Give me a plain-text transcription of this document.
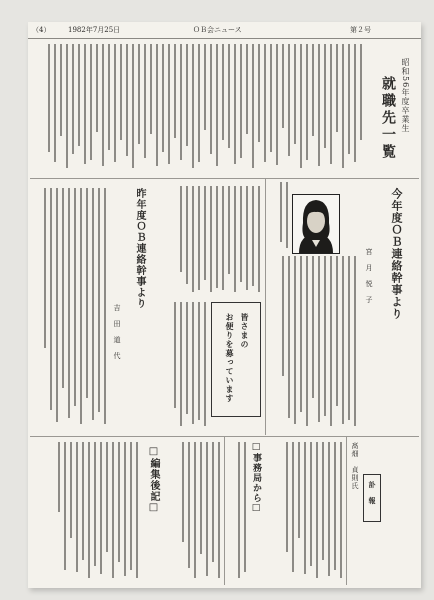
（4）	1982年7月25日	ＯＢ会ニュース	第２号
昭和56年度卒業生
就職先一覧
今年度ＯＢ連絡幹事より
宮　月　悦　子
皆さまの
お便りを募っています
昨年度ＯＢ連絡幹事より
吉　田　道　代
訃　報
髙畑　貞則氏
□事務局から□
□編集後記□
